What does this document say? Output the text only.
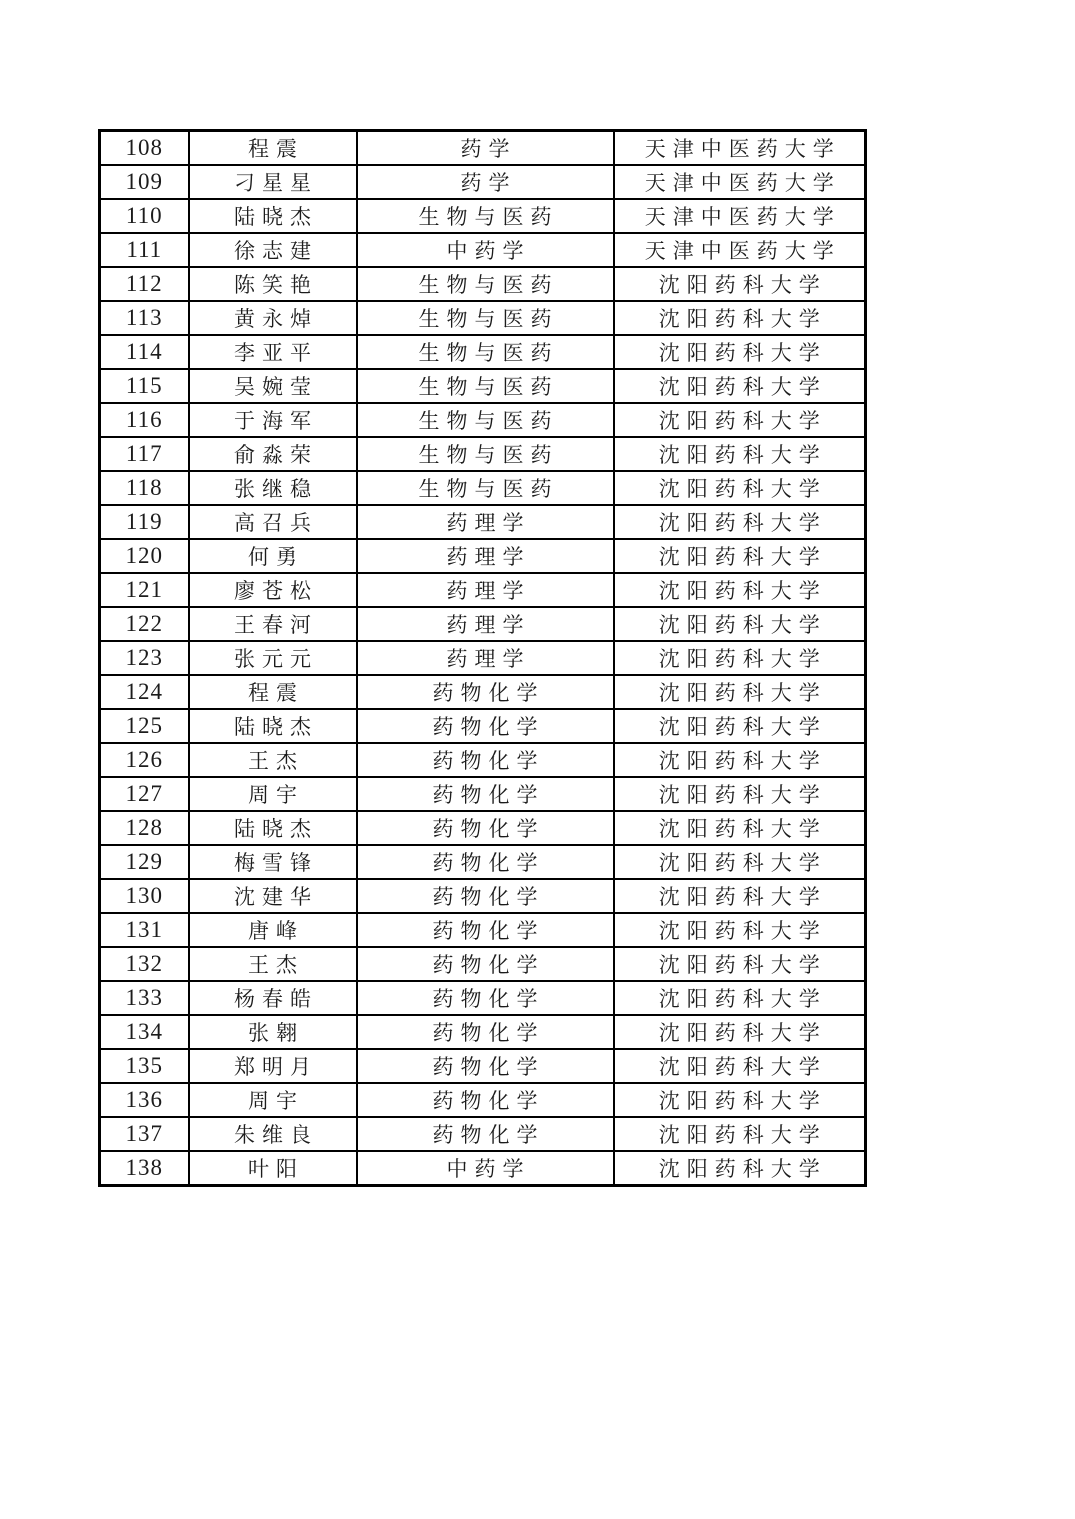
108	程震	药学	天津中医药大学
109	刁星星	药学	天津中医药大学
110	陆晓杰	生物与医药	天津中医药大学
111	徐志建	中药学	天津中医药大学
112	陈笑艳	生物与医药	沈阳药科大学
113	黄永焯	生物与医药	沈阳药科大学
114	李亚平	生物与医药	沈阳药科大学
115	吴婉莹	生物与医药	沈阳药科大学
116	于海军	生物与医药	沈阳药科大学
117	俞淼荣	生物与医药	沈阳药科大学
118	张继稳	生物与医药	沈阳药科大学
119	高召兵	药理学	沈阳药科大学
120	何勇	药理学	沈阳药科大学
121	廖苍松	药理学	沈阳药科大学
122	王春河	药理学	沈阳药科大学
123	张元元	药理学	沈阳药科大学
124	程震	药物化学	沈阳药科大学
125	陆晓杰	药物化学	沈阳药科大学
126	王杰	药物化学	沈阳药科大学
127	周宇	药物化学	沈阳药科大学
128	陆晓杰	药物化学	沈阳药科大学
129	梅雪锋	药物化学	沈阳药科大学
130	沈建华	药物化学	沈阳药科大学
131	唐峰	药物化学	沈阳药科大学
132	王杰	药物化学	沈阳药科大学
133	杨春皓	药物化学	沈阳药科大学
134	张翱	药物化学	沈阳药科大学
135	郑明月	药物化学	沈阳药科大学
136	周宇	药物化学	沈阳药科大学
137	朱维良	药物化学	沈阳药科大学
138	叶阳	中药学	沈阳药科大学
